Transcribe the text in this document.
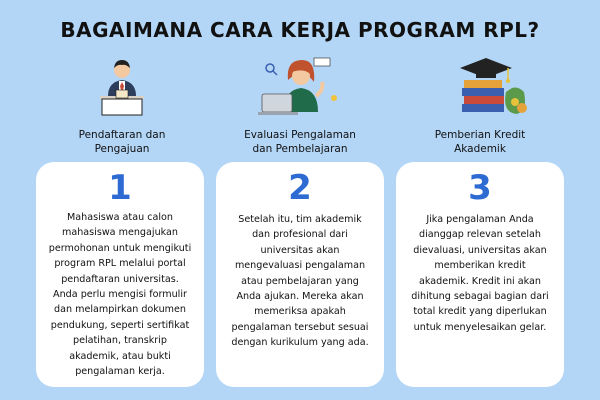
BAGAIMANA CARA KERJA PROGRAM RPL?
Pendaftaran dan
Pengajuan
Evaluasi Pengalaman
dan Pembelajaran
Pemberian Kredit
Akademik
1
Mahasiswa atau calon mahasiswa mengajukan permohonan untuk mengikuti program RPL melalui portal pendaftaran universitas. Anda perlu mengisi formulir dan melampirkan dokumen pendukung, seperti sertifikat pelatihan, transkrip akademik, atau bukti pengalaman kerja.
2
Setelah itu, tim akademik dan profesional dari universitas akan mengevaluasi pengalaman atau pembelajaran yang Anda ajukan. Mereka akan memeriksa apakah pengalaman tersebut sesuai dengan kurikulum yang ada.
3
Jika pengalaman Anda dianggap relevan setelah dievaluasi, universitas akan memberikan kredit akademik. Kredit ini akan dihitung sebagai bagian dari total kredit yang diperlukan untuk menyelesaikan gelar.
